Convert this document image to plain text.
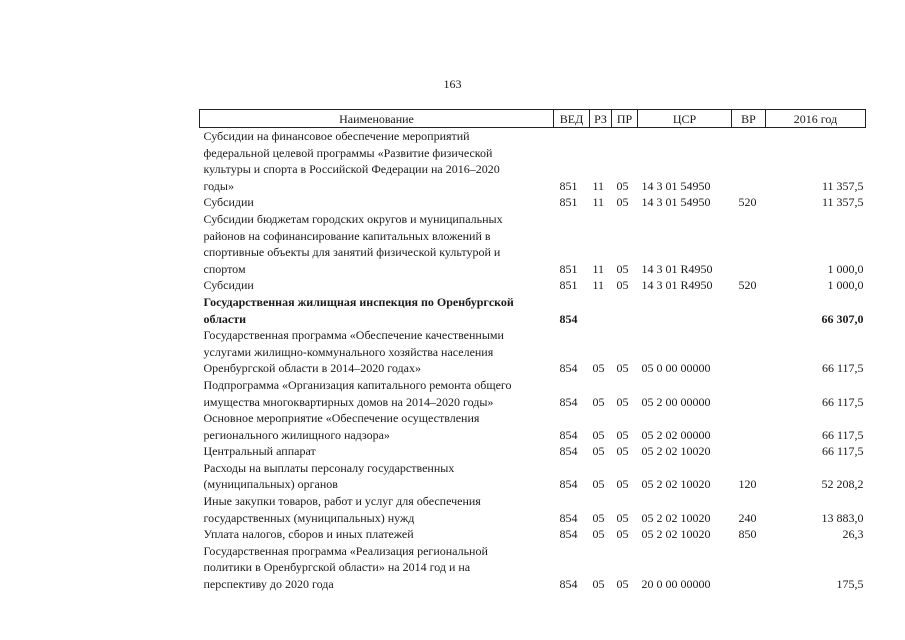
163
Наименование	ВЕД	РЗ	ПР	ЦСР	ВР	2016 год

Субсидии на финансовое обеспечение мероприятий
федеральной целевой программы «Развитие физической
культуры и спорта в Российской Федерации на 2016–2020
годы»	851	11	05	14 3 01 54950		11 357,5

Субсидии	851	11	05	14 3 01 54950	520	11 357,5

Субсидии бюджетам городских округов и муниципальных
районов на софинансирование капитальных вложений в
спортивные объекты для занятий физической культурой и
спортом	851	11	05	14 3 01 R4950		1 000,0

Субсидии	851	11	05	14 3 01 R4950	520	1 000,0

Государственная жилищная инспекция по Оренбургской
области	854					66 307,0

Государственная программа «Обеспечение качественными
услугами жилищно-коммунального хозяйства населения
Оренбургской области в 2014–2020 годах»	854	05	05	05 0 00 00000		66 117,5

Подпрограмма «Организация капитального ремонта общего
имущества многоквартирных домов на 2014–2020 годы»	854	05	05	05 2 00 00000		66 117,5

Основное мероприятие «Обеспечение осуществления
регионального жилищного надзора»	854	05	05	05 2 02 00000		66 117,5

Центральный аппарат	854	05	05	05 2 02 10020		66 117,5

Расходы на выплаты персоналу государственных
(муниципальных) органов	854	05	05	05 2 02 10020	120	52 208,2

Иные закупки товаров, работ и услуг для обеспечения
государственных (муниципальных) нужд	854	05	05	05 2 02 10020	240	13 883,0

Уплата налогов, сборов и иных платежей	854	05	05	05 2 02 10020	850	26,3

Государственная программа «Реализация региональной
политики в Оренбургской области» на 2014 год и на
перспективу до 2020 года	854	05	05	20 0 00 00000		175,5
